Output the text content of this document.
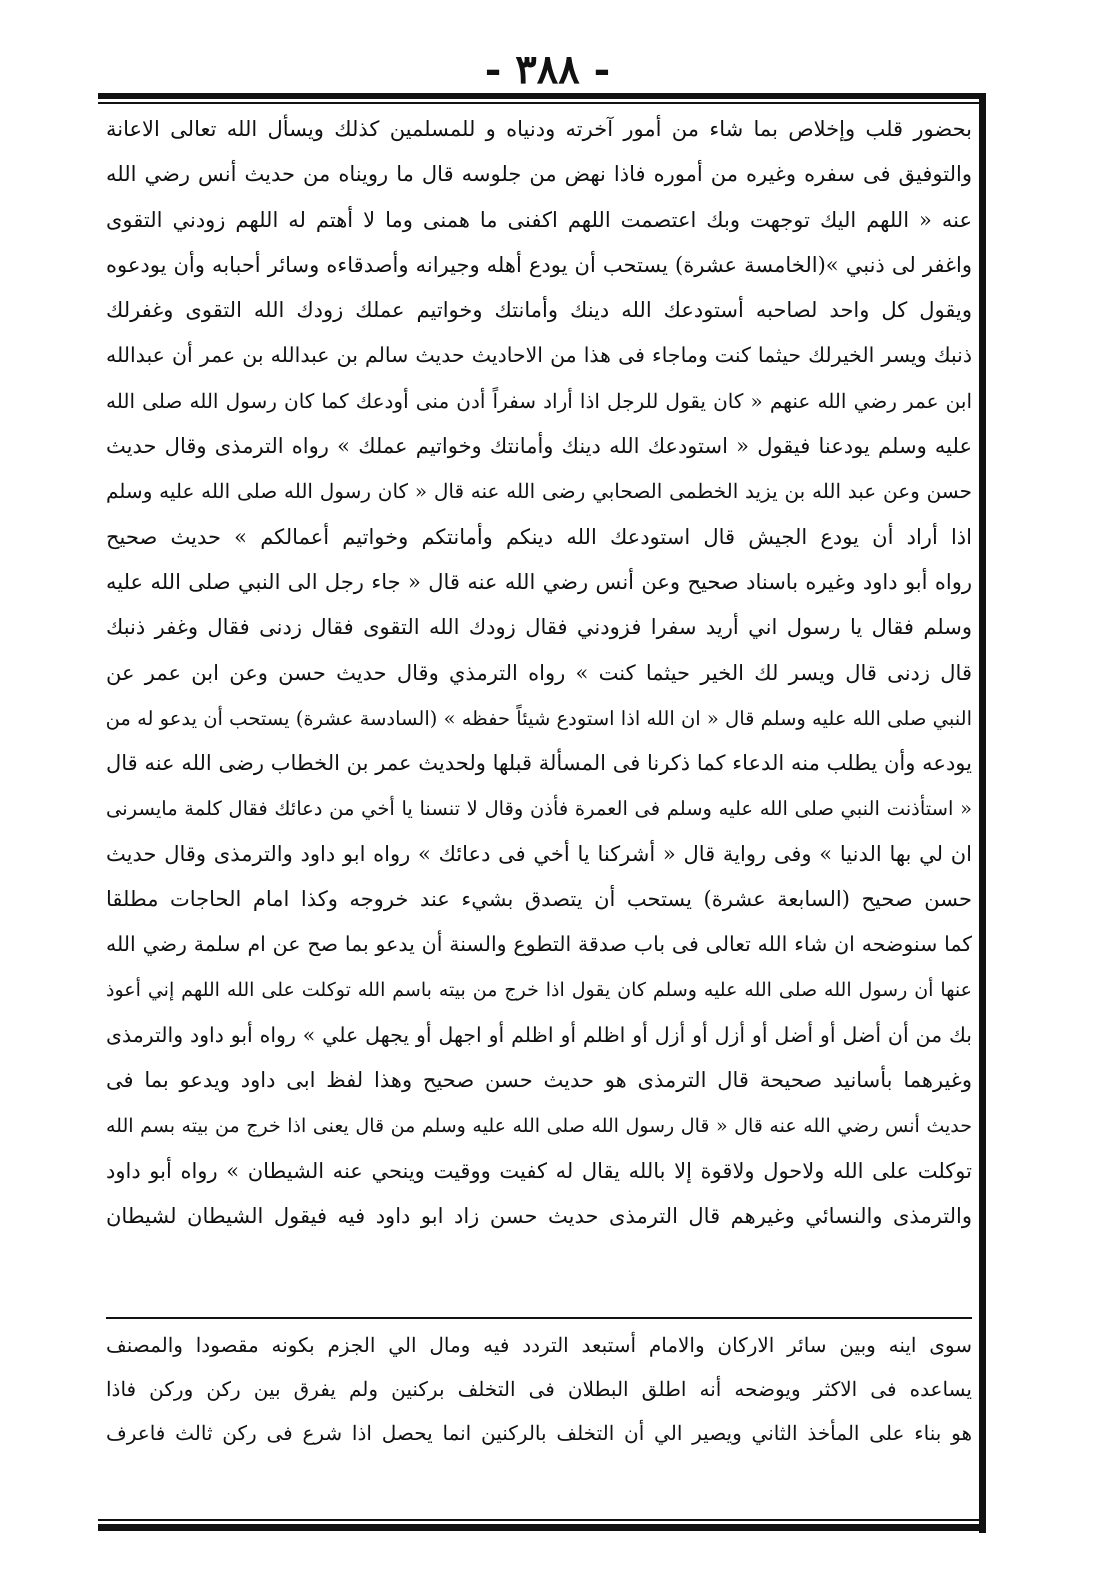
- ٣٨٨ -
بحضور قلب وإخلاص بما شاء من أمور آخرته ودنياه و للمسلمين كذلك ويسأل الله تعالى الاعانة
والتوفيق فى سفره وغيره من أموره فاذا نهض من جلوسه قال ما رويناه من حديث أنس رضي الله
عنه « اللهم اليك توجهت وبك اعتصمت اللهم اكفنى ما همنى وما لا أهتم له اللهم زودني التقوى
واغفر لى ذنبي »(الخامسة عشرة) يستحب أن يودع أهله وجيرانه وأصدقاءه وسائر أحبابه وأن يودعوه
ويقول كل واحد لصاحبه أستودعك الله دينك وأمانتك وخواتيم عملك زودك الله التقوى وغفرلك
ذنبك ويسر الخيرلك حيثما كنت وماجاء فى هذا من الاحاديث حديث سالم بن عبدالله بن عمر أن عبدالله
ابن عمر رضي الله عنهم « كان يقول للرجل اذا أراد سفراً أدن منى أودعك كما كان رسول الله صلى الله
عليه وسلم يودعنا فيقول « استودعك الله دينك وأمانتك وخواتيم عملك » رواه الترمذى وقال حديث
حسن وعن عبد الله بن يزيد الخطمى الصحابي رضى الله عنه قال « كان رسول الله صلى الله عليه وسلم
اذا أراد أن يودع الجيش قال استودعك الله دينكم وأمانتكم وخواتيم أعمالكم » حديث صحيح
رواه أبو داود وغيره باسناد صحيح وعن أنس رضي الله عنه قال « جاء رجل الى النبي صلى الله عليه
وسلم فقال يا رسول اني أريد سفرا فزودني فقال زودك الله التقوى فقال زدنى فقال وغفر ذنبك
قال زدنى قال ويسر لك الخير حيثما كنت » رواه الترمذي وقال حديث حسن وعن ابن عمر عن
النبي صلى الله عليه وسلم قال « ان الله اذا استودع شيئاً حفظه » (السادسة عشرة) يستحب أن يدعو له من
يودعه وأن يطلب منه الدعاء كما ذكرنا فى المسألة قبلها ولحديث عمر بن الخطاب رضى الله عنه قال
« استأذنت النبي صلى الله عليه وسلم فى العمرة فأذن وقال لا تنسنا يا أخي من دعائك فقال كلمة مايسرنى
ان لي بها الدنيا » وفى رواية قال « أشركنا يا أخي فى دعائك » رواه ابو داود والترمذى وقال حديث
حسن صحيح (السابعة عشرة) يستحب أن يتصدق بشيء عند خروجه وكذا امام الحاجات مطلقا
كما سنوضحه ان شاء الله تعالى فى باب صدقة التطوع والسنة أن يدعو بما صح عن ام سلمة رضي الله
عنها أن رسول الله صلى الله عليه وسلم كان يقول اذا خرج من بيته باسم الله توكلت على الله اللهم إني أعوذ
بك من أن أضل أو أضل أو أزل أو أزل أو اظلم أو اظلم أو اجهل أو يجهل علي » رواه أبو داود والترمذى
وغيرهما بأسانيد صحيحة قال الترمذى هو حديث حسن صحيح وهذا لفظ ابى داود ويدعو بما فى
حديث أنس رضي الله عنه قال « قال رسول الله صلى الله عليه وسلم من قال يعنى اذا خرج من بيته بسم الله
توكلت على الله ولاحول ولاقوة إلا بالله يقال له كفيت ووقيت وينحي عنه الشيطان » رواه أبو داود
والترمذى والنسائي وغيرهم قال الترمذى حديث حسن زاد ابو داود فيه فيقول الشيطان لشيطان
سوى اينه وبين سائر الاركان والامام أستبعد التردد فيه ومال الي الجزم بكونه مقصودا والمصنف
يساعده فى الاكثر ويوضحه أنه اطلق البطلان فى التخلف بركنين ولم يفرق بين ركن وركن فاذا
هو بناء على المأخذ الثاني ويصير الي أن التخلف بالركنين انما يحصل اذا شرع فى ركن ثالث فاعرف
